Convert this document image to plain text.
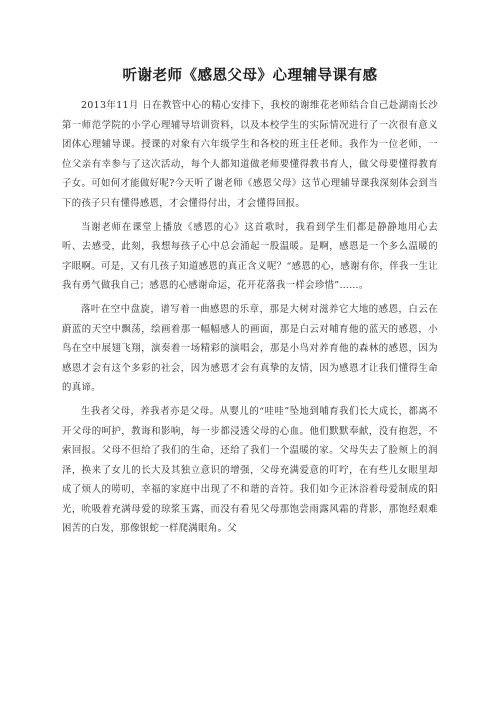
听谢老师《感恩父母》心理辅导课有感

2013年11月 日在教管中心的精心安排下，我校的谢维花老师结合自己赴湖南长沙第一师范学院的小学心理辅导培训资料，以及本校学生的实际情况进行了一次很有意义团体心理辅导课。授课的对象有六年级学生和各校的班主任老师。我作为一位老师，一位父亲有幸参与了这次活动，每个人都知道做老师要懂得教书育人，做父母要懂得教育子女。可如何才能做好呢?今天听了谢老师《感恩父母》这节心理辅导课我深刻体会到当下的孩子只有懂得感恩，才会懂得付出，才会懂得回报。

当谢老师在课堂上播放《感恩的心》这首歌时，我看到学生们都是静静地用心去听、去感受，此刻，我想每孩子心中总会涌起一股温暖。是啊，感恩是一个多么温暖的字眼啊。可是，又有几孩子知道感恩的真正含义呢？“感恩的心，感谢有你，伴我一生让我有勇气做我自己；感恩的心感谢命运，花开花落我一样会珍惜”……。

落叶在空中盘旋，谱写着一曲感恩的乐章，那是大树对滋养它大地的感恩，白云在蔚蓝的天空中飘荡，绘画着那一幅幅感人的画面，那是白云对哺育他的蓝天的感恩，小鸟在空中展翅飞翔，演奏着一场精彩的演唱会，那是小鸟对养育他的森林的感恩，因为感恩才会有这个多彩的社会，因为感恩才会有真挚的友情，因为感恩才让我们懂得生命的真谛。

生我者父母，养我者亦是父母。从婴儿的“哇哇”坠地到哺育我们长大成长，都离不开父母的呵护，教诲和影响，每一步都浸透父母的心血。他们默默奉献，没有抱怨，不索回报。父母不但给了我们的生命，还给了我们一个温暖的家。父母失去了脸颊上的润泽，换来了女儿的长大及其独立意识的增强，父母充满爱意的叮咛，在有些儿女眼里却成了烦人的唠叨，幸福的家庭中出现了不和谐的音符。我们如今正沐浴着母爱制成的阳光，吮吸着充满母爱的琼浆玉露，而没有看见父母那饱尝雨露风霜的背影，那饱经艰难困苦的白发，那像银蛇一样爬满眼角。父
